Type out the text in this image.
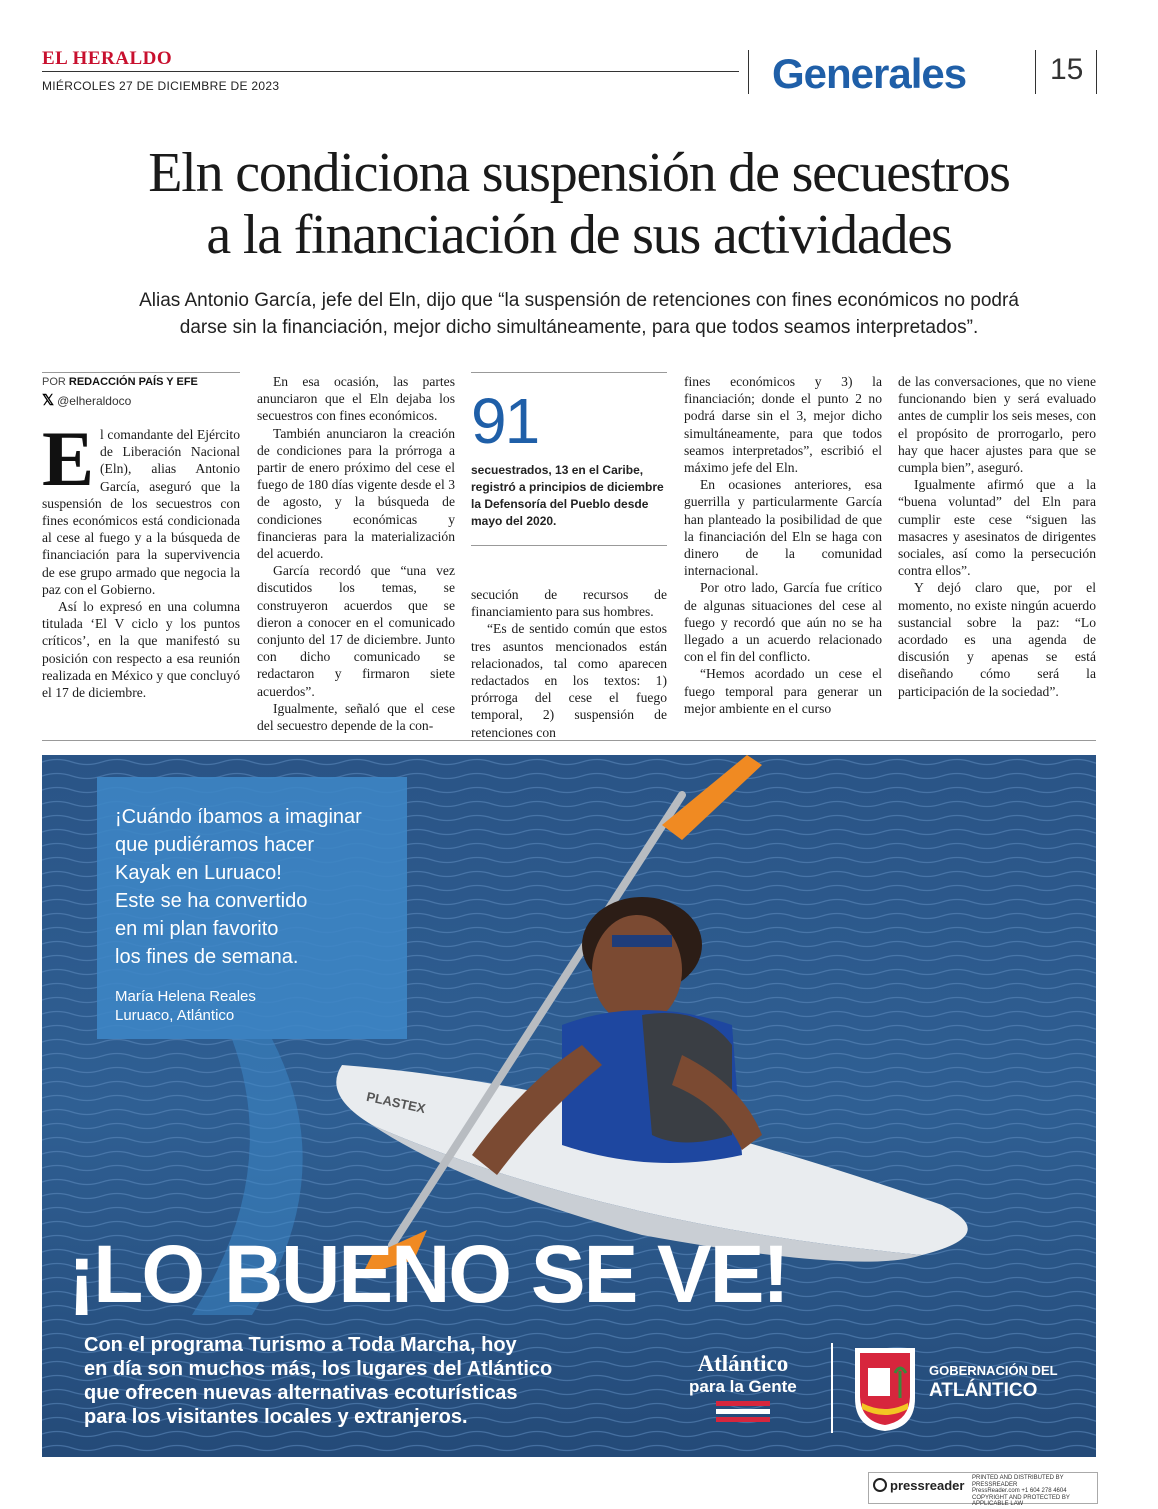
EL HERALDO
MIÉRCOLES 27 DE DICIEMBRE DE 2023	Generales	15
Eln condiciona suspensión de secuestros
a la financiación de sus actividades
Alias Antonio García, jefe del Eln, dijo que “la suspensión de retenciones con fines económicos no podrá
darse sin la financiación, mejor dicho simultáneamente, para que todos seamos interpretados”.
POR REDACCIÓN PAÍS Y EFE
𝕏 @elheraldoco

El comandante del Ejército de Liberación Nacional (Eln), alias Antonio García, aseguró que la suspensión de los secuestros con fines económicos está condicionada al cese al fuego y a la búsqueda de financiación para la supervivencia de ese grupo armado que negocia la paz con el Gobierno.

Así lo expresó en una columna titulada ‘El V ciclo y los puntos críticos’, en la que manifestó su posición con respecto a esa reunión realizada en México y que concluyó el 17 de diciembre.

En esa ocasión, las partes anunciaron que el Eln dejaba los secuestros con fines económicos.

También anunciaron la creación de condiciones para la prórroga a partir de enero próximo del cese el fuego de 180 días vigente desde el 3 de agosto, y la búsqueda de condiciones económicas y financieras para la materialización del acuerdo.

García recordó que “una vez discutidos los temas, se construyeron acuerdos que se dieron a conocer en el comunicado conjunto del 17 de diciembre. Junto con dicho comunicado se redactaron y firmaron siete acuerdos”.

Igualmente, señaló que el cese del secuestro depende de la con-

91
secuestrados, 13 en el Caribe, registró a principios de diciembre la Defensoría del Pueblo desde mayo del 2020.

secución de recursos de financiamiento para sus hombres.

“Es de sentido común que estos tres asuntos mencionados están relacionados, tal como aparecen redactados en los textos: 1) prórroga del cese el fuego temporal, 2) suspensión de retenciones con

fines económicos y 3) la financiación; donde el punto 2 no podrá darse sin el 3, mejor dicho simultáneamente, para que todos seamos interpretados”, escribió el máximo jefe del Eln.

En ocasiones anteriores, esa guerrilla y particularmente García han planteado la posibilidad de que la financiación del Eln se haga con dinero de la comunidad internacional.

Por otro lado, García fue crítico de algunas situaciones del cese al fuego y recordó que aún no se ha llegado a un acuerdo relacionado con el fin del conflicto.

“Hemos acordado un cese el fuego temporal para generar un mejor ambiente en el curso

de las conversaciones, que no viene funcionando bien y será evaluado antes de cumplir los seis meses, con el propósito de prorrogarlo, pero hay que hacer ajustes para que se cumpla bien”, aseguró.

Igualmente afirmó que a la “buena voluntad” del Eln para cumplir este cese “siguen las masacres y asesinatos de dirigentes sociales, así como la persecución contra ellos”.

Y dejó claro que, por el momento, no existe ningún acuerdo sustancial sobre la paz: “Lo acordado es una agenda de discusión y apenas se está diseñando cómo será la participación de la sociedad”.

¡Cuándo íbamos a imaginar
que pudiéramos hacer
Kayak en Luruaco!
Este se ha convertido
en mi plan favorito
los fines de semana.
María Helena Reales
Luruaco, Atlántico
PLASTEX
¡LO BUENO SE VE!
Con el programa Turismo a Toda Marcha, hoy
en día son muchos más, los lugares del Atlántico
que ofrecen nuevas alternativas ecoturísticas
para los visitantes locales y extranjeros.
Atlántico
para la Gente
GOBERNACIÓN DEL
ATLÁNTICO
pressreader PRINTED AND DISTRIBUTED BY PRESSREADER
PressReader.com +1 604 278 4604
COPYRIGHT AND PROTECTED BY APPLICABLE LAW
